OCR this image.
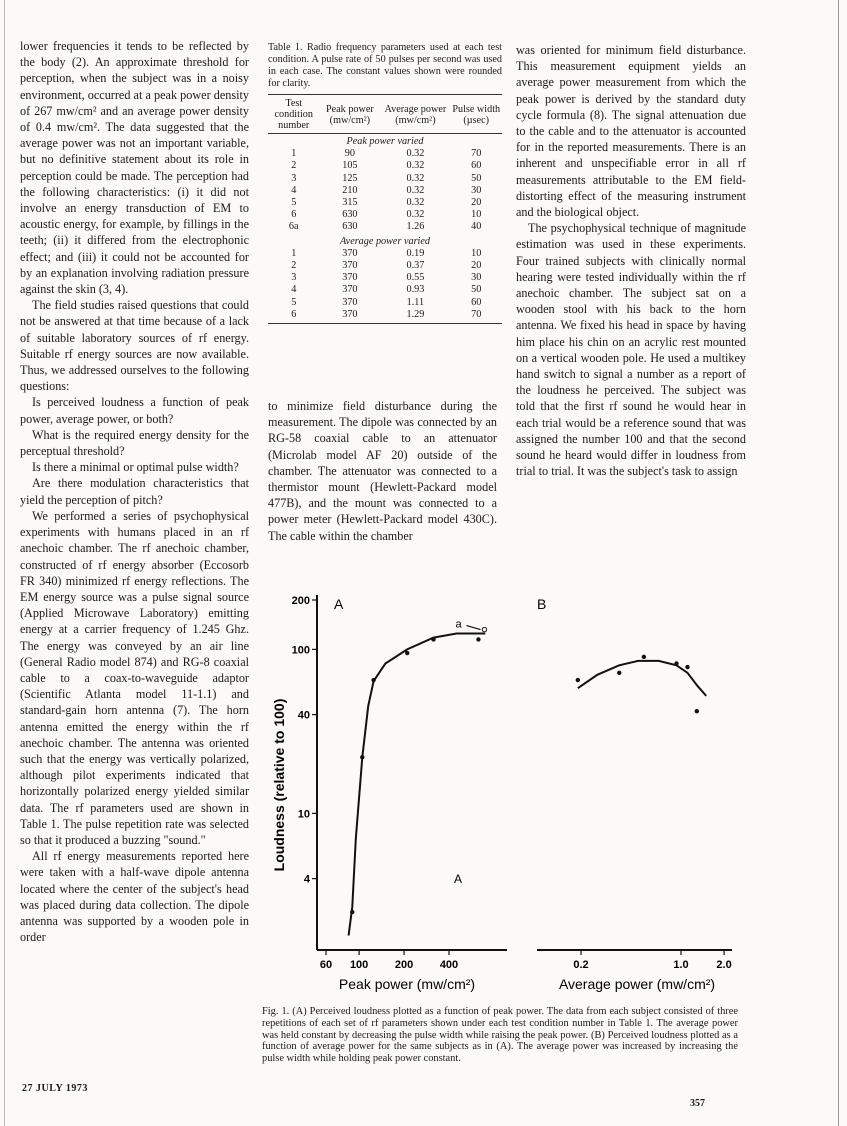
lower frequencies it tends to be reflected by the body (2). An approximate threshold for perception, when the subject was in a noisy environment, occurred at a peak power density of 267 mw/cm² and an average power density of 0.4 mw/cm². The data suggested that the average power was not an important variable, but no definitive statement about its role in perception could be made. The perception had the following characteristics: (i) it did not involve an energy transduction of EM to acoustic energy, for example, by fillings in the teeth; (ii) it differed from the electrophonic effect; and (iii) it could not be accounted for by an explanation involving radiation pressure against the skin (3, 4).

The field studies raised questions that could not be answered at that time because of a lack of suitable laboratory sources of rf energy. Suitable rf energy sources are now available. Thus, we addressed ourselves to the following questions:

Is perceived loudness a function of peak power, average power, or both?

What is the required energy density for the perceptual threshold?

Is there a minimal or optimal pulse width?

Are there modulation characteristics that yield the perception of pitch?

We performed a series of psychophysical experiments with humans placed in an rf anechoic chamber. The rf anechoic chamber, constructed of rf energy absorber (Eccosorb FR 340) minimized rf energy reflections. The EM energy source was a pulse signal source (Applied Microwave Laboratory) emitting energy at a carrier frequency of 1.245 Ghz. The energy was conveyed by an air line (General Radio model 874) and RG-8 coaxial cable to a coax-to-waveguide adaptor (Scientific Atlanta model 11-1.1) and standard-gain horn antenna (7). The horn antenna emitted the energy within the rf anechoic chamber. The antenna was oriented such that the energy was vertically polarized, although pilot experiments indicated that horizontally polarized energy yielded similar data. The rf parameters used are shown in Table 1. The pulse repetition rate was selected so that it produced a buzzing "sound."

All rf energy measurements reported here were taken with a half-wave dipole antenna located where the center of the subject's head was placed during data collection. The dipole antenna was supported by a wooden pole in order

Table 1. Radio frequency parameters used at each test condition. A pulse rate of 50 pulses per second was used in each case. The constant values shown were rounded for clarity.
Test condition number	Peak power (mw/cm²)	Average power (mw/cm²)	Pulse width (µsec)
Peak power varied			
1	90	0.32	70
2	105	0.32	60
3	125	0.32	50
4	210	0.32	30
5	315	0.32	20
6	630	0.32	10
6a	630	1.26	40
Average power varied			
1	370	0.19	10
2	370	0.37	20
3	370	0.55	30
4	370	0.93	50
5	370	1.11	60
6	370	1.29	70

to minimize field disturbance during the measurement. The dipole was connected by an RG-58 coaxial cable to an attenuator (Microlab model AF 20) outside of the chamber. The attenuator was connected to a thermistor mount (Hewlett-Packard model 477B), and the mount was connected to a power meter (Hewlett-Packard model 430C). The cable within the chamber

was oriented for minimum field disturbance. This measurement equipment yields an average power measurement from which the peak power is derived by the standard duty cycle formula (8). The signal attenuation due to the cable and to the attenuator is accounted for in the reported measurements. There is an inherent and unspecifiable error in all rf measurements attributable to the EM field-distorting effect of the measuring instrument and the biological object.

The psychophysical technique of magnitude estimation was used in these experiments. Four trained subjects with clinically normal hearing were tested individually within the rf anechoic chamber. The subject sat on a wooden stool with his back to the horn antenna. We fixed his head in space by having him place his chin on an acrylic rest mounted on a vertical wooden pole. He used a multikey hand switch to signal a number as a report of the loudness he perceived. The subject was told that the first rf sound he would hear in each trial would be a reference sound that was assigned the number 100 and that the second sound he heard would differ in loudness from trial to trial. It was the subject's task to assign

200
100
40
10
4
60 100 200 400
Peak power (mw/cm²)
A
A
a
0.2	1.0	2.0
Average power (mw/cm²)
B
Loudness (relative to 100)
Fig. 1. (A) Perceived loudness plotted as a function of peak power. The data from each subject consisted of three repetitions of each set of rf parameters shown under each test condition number in Table 1. The average power was held constant by decreasing the pulse width while raising the peak power. (B) Perceived loudness plotted as a function of average power for the same subjects as in (A). The average power was increased by increasing the pulse width while holding peak power constant.
27 JULY 1973
357
